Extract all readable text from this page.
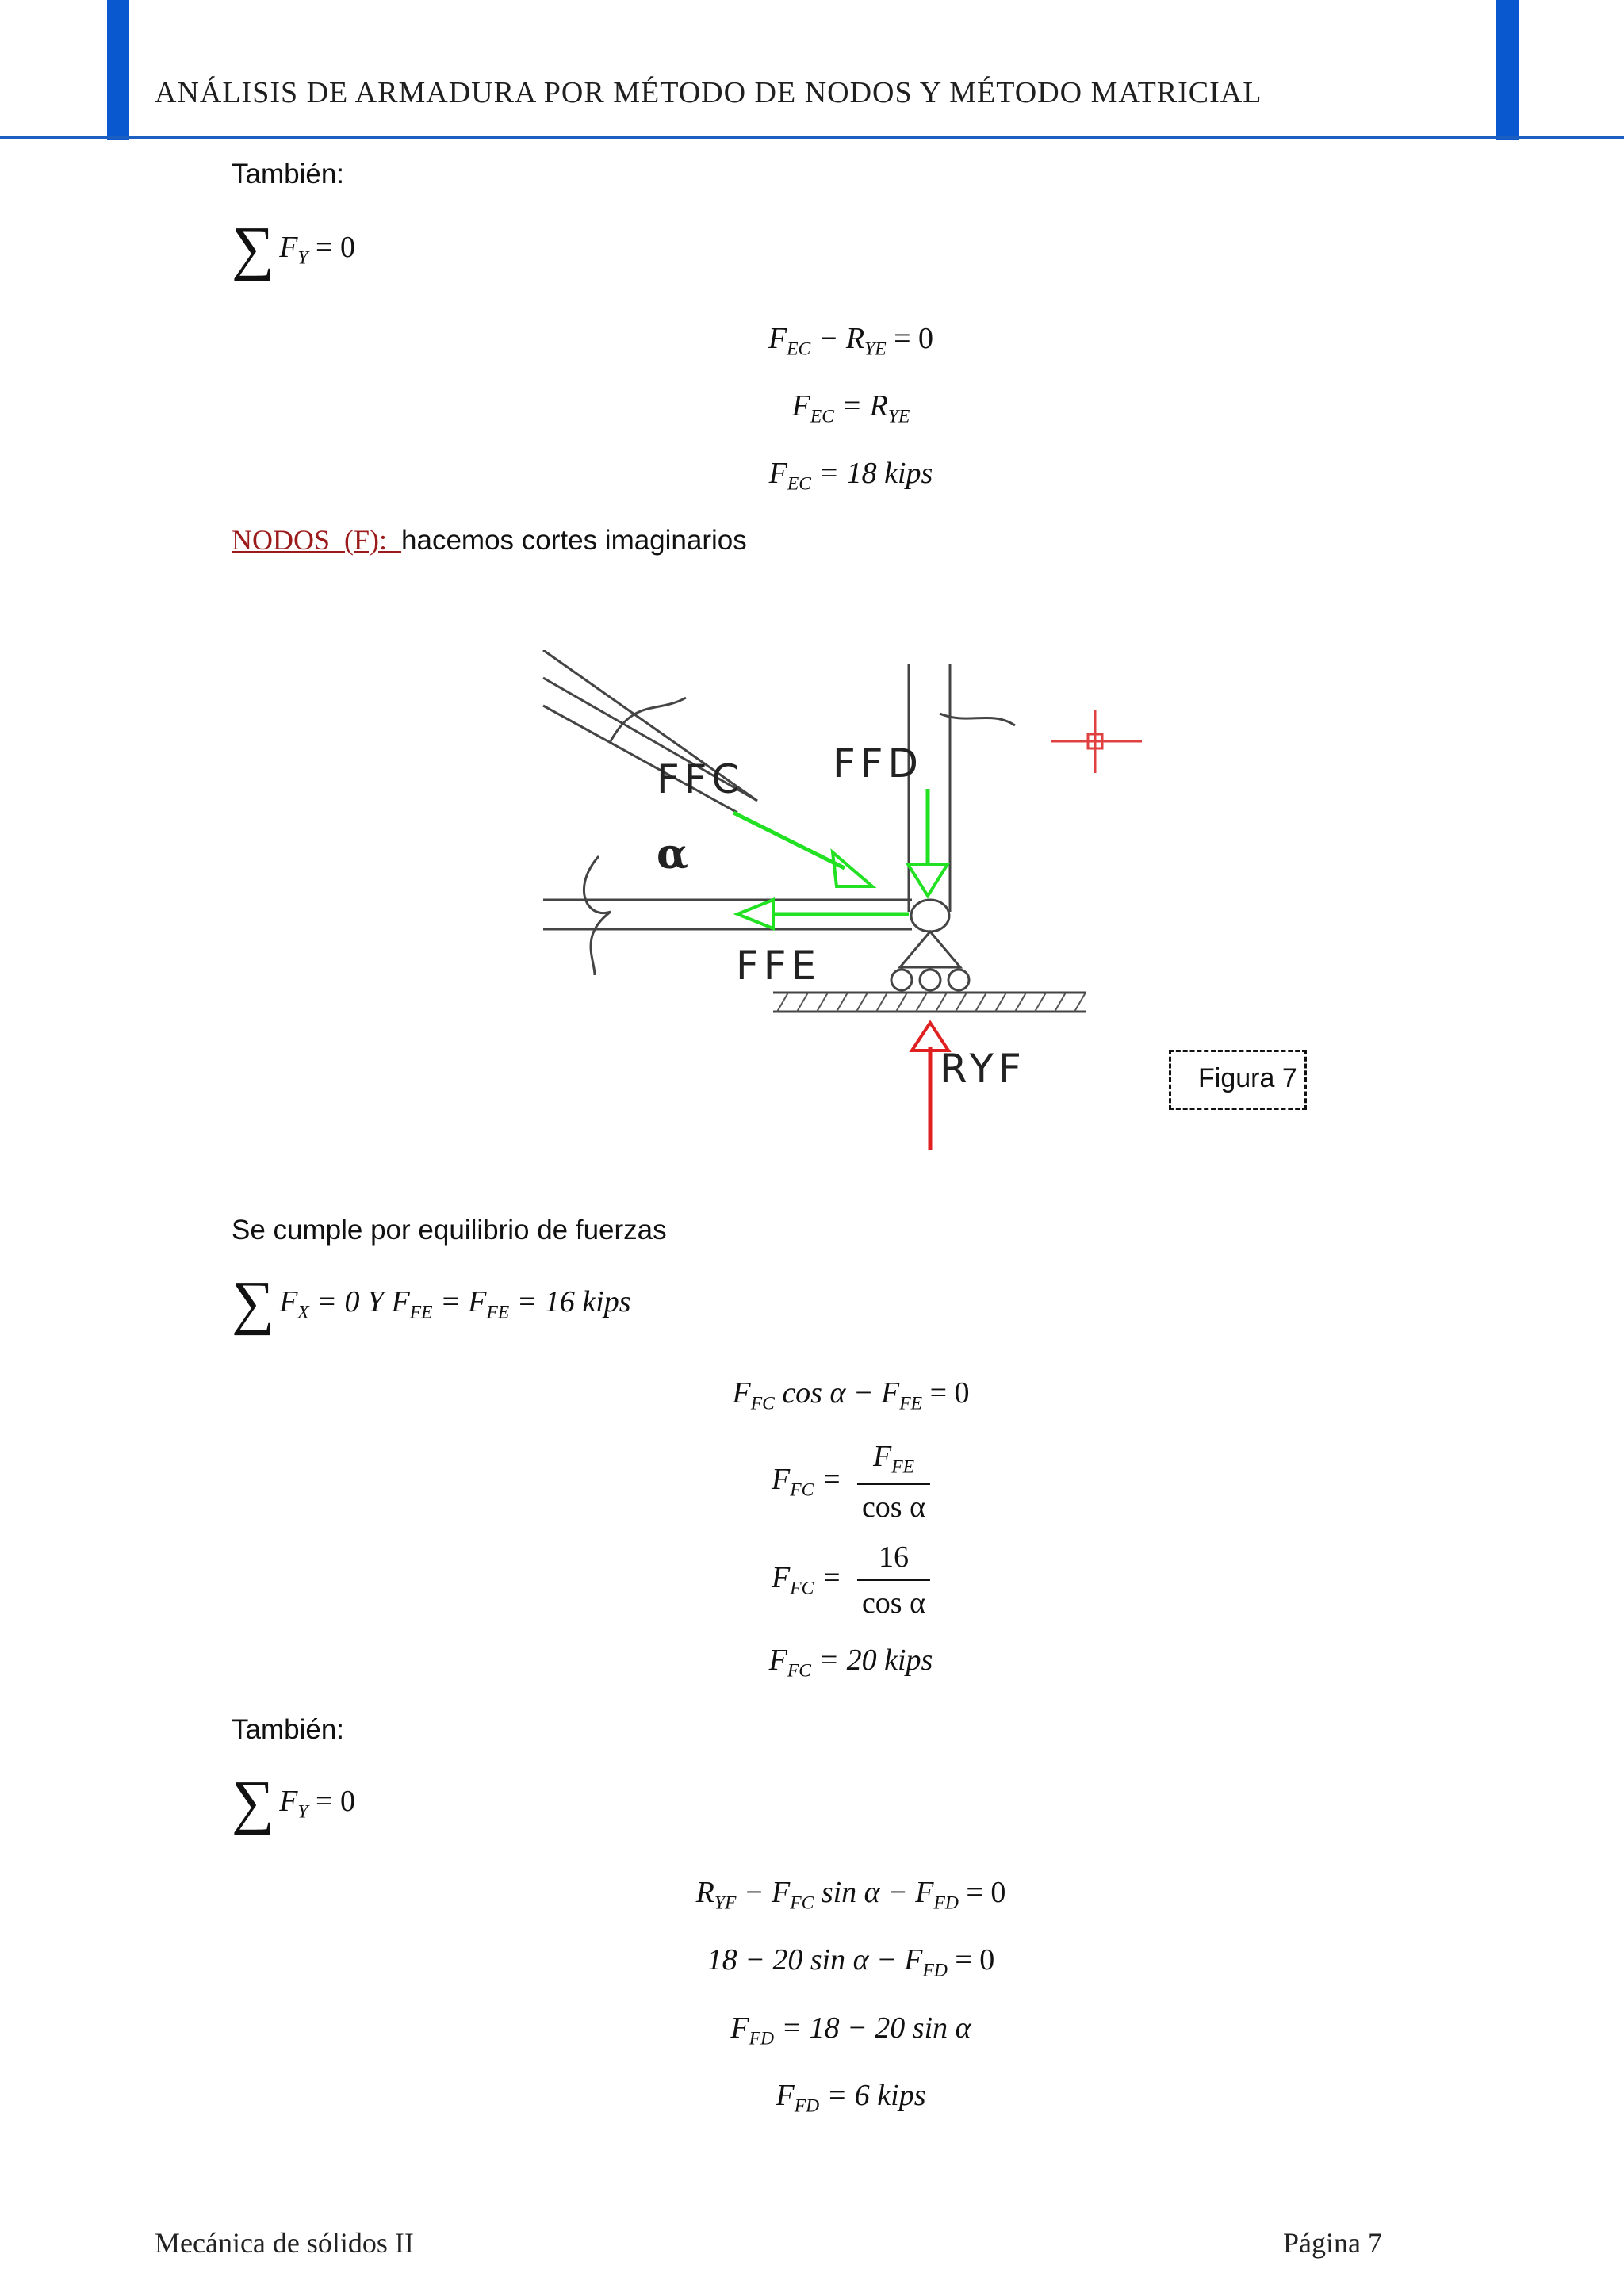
ANÁLISIS DE ARMADURA POR MÉTODO DE NODOS Y MÉTODO MATRICIAL
También:
∑ $F_Y = 0$
$F_{EC} - R_{YE} = 0$
$F_{EC} = R_{YE}$
$F_{EC} = 18$ kips
NODOS  (F):  hacemos cortes imaginarios
FFC FFD
α
FFE
RYF	Figura 7
Se cumple por equilibrio de fuerzas
∑ $F_X = 0$ Y $F_{FE} = F_{FE} = 16$ kips
$F_{FC}$ $\cos \alpha - F_{FE} = 0$
$F_{FC} = \frac{F_{FE}}{\text{cos α}}$
$F_{FC} = \frac{16}{\text{cos α}}$
$F_{FC} = 20$ kips
También:
∑ $F_Y = 0$
$R_{YF} - F_{FC}$ $\sin \alpha - F_{FD} = 0$
18 − 20 $\sin \alpha - F_{FD} = 0$
$F_{FD} = 18 - 20$ sin α
$F_{FD} = 6$ kips
Mecánica de sólidos II	Página 7
